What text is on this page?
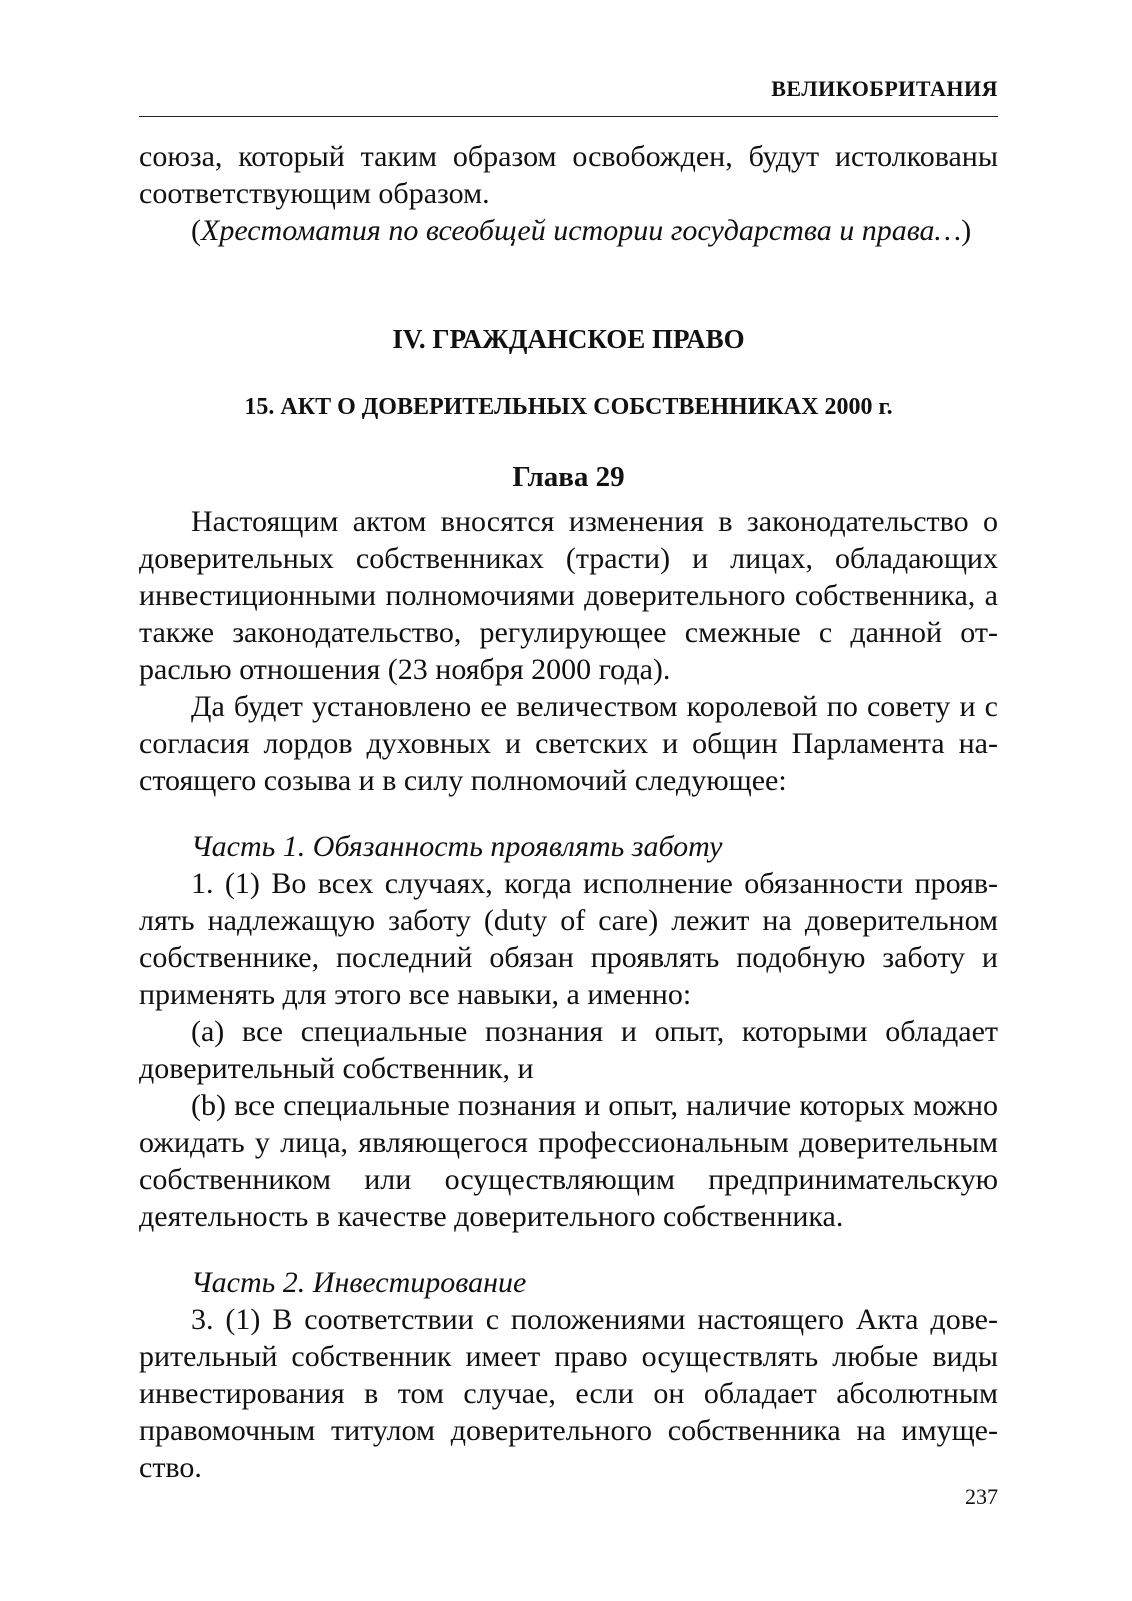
ВЕЛИКОБРИТАНИЯ

союза, который таким образом освобожден, будут истолкованы соответствующим образом.

(Хрестоматия по всеобщей истории государства и права…)

IV. ГРАЖДАНСКОЕ ПРАВО
15. АКТ О ДОВЕРИТЕЛЬНЫХ СОБСТВЕННИКАХ 2000 г.
Глава 29

Настоящим актом вносятся изменения в законодательство о доверительных собственниках (трасти) и лицах, обладающих инвестиционными полномочиями доверительного собственника, а также законодательство, регулирующее смежные с данной отраслью отношения (23 ноября 2000 года).

Да будет установлено ее величеством королевой по совету и с согласия лордов духовных и светских и общин Парламента настоящего созыва и в силу полномочий следующее:

Часть 1. Обязанность проявлять заботу

1. (1) Во всех случаях, когда исполнение обязанности проявлять надлежащую заботу (duty of care) лежит на доверительном собственнике, последний обязан проявлять подобную заботу и применять для этого все навыки, а именно:

(a) все специальные познания и опыт, которыми обладает доверительный собственник, и

(b) все специальные познания и опыт, наличие которых можно ожидать у лица, являющегося профессиональным доверительным собственником или осуществляющим предпринимательскую деятельность в качестве доверительного собственника.

Часть 2. Инвестирование

3. (1) В соответствии с положениями настоящего Акта доверительный собственник имеет право осуществлять любые виды инвестирования в том случае, если он обладает абсолютным правомочным титулом доверительного собственника на имущество.

237
